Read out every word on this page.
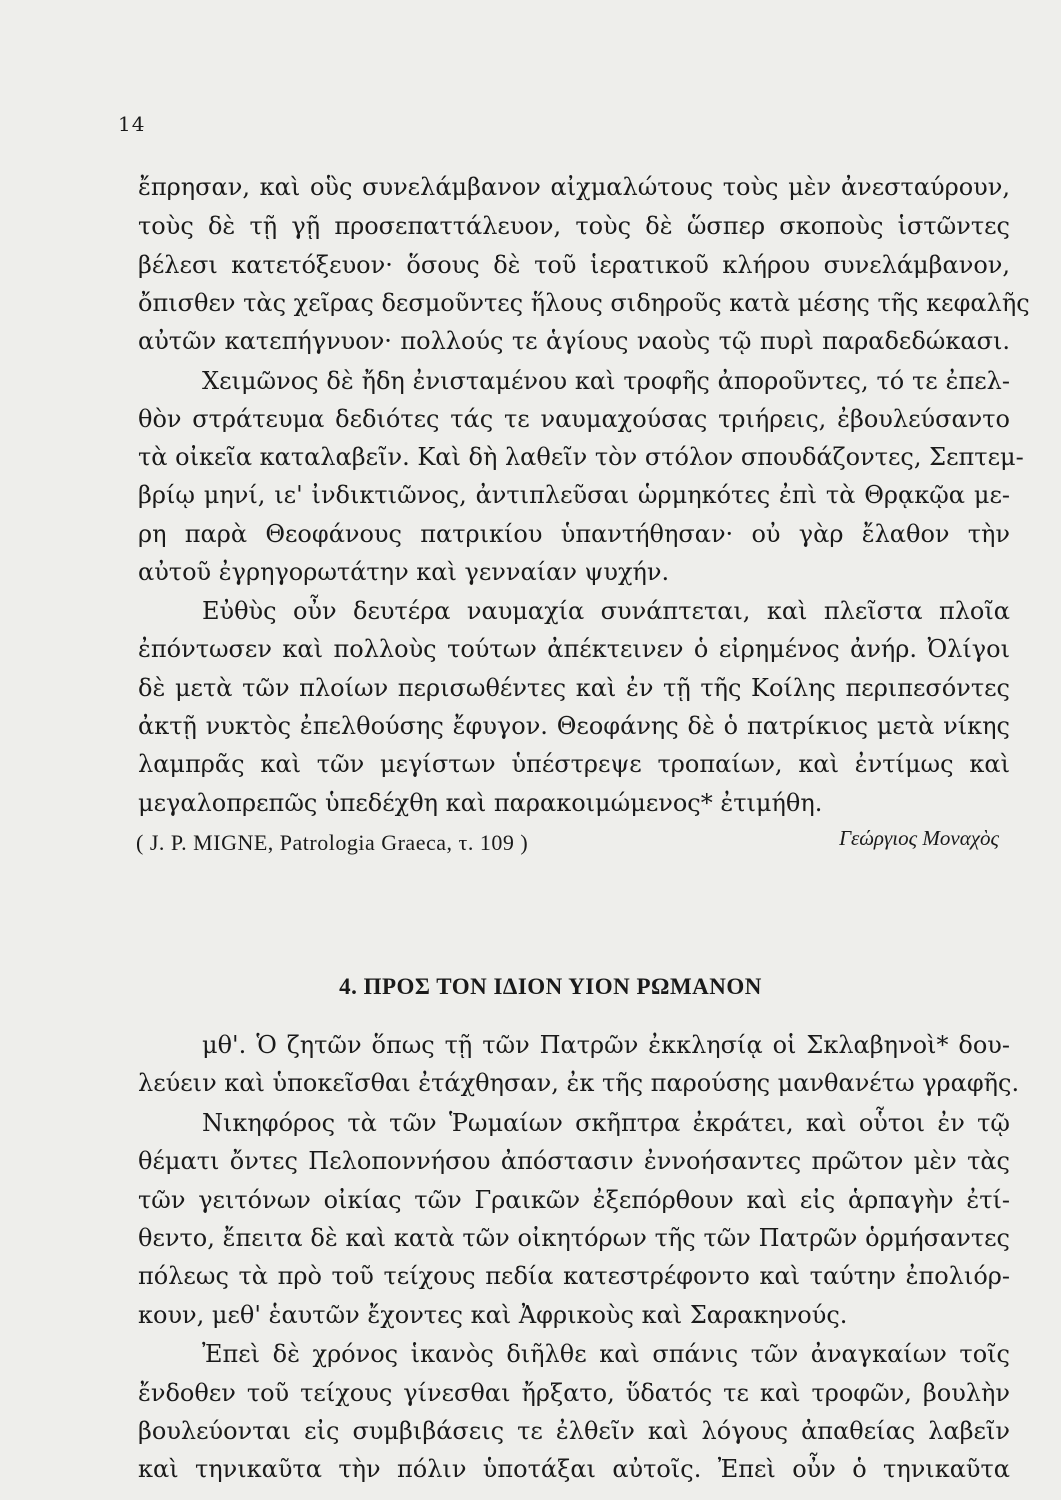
14
ἔπρησαν, καὶ οὓς συνελάμβανον αἰχμαλώτους τοὺς μὲν ἀνεσταύρουν,
τοὺς δὲ τῇ γῇ προσεπαττάλευον, τοὺς δὲ ὥσπερ σκοποὺς ἱστῶντες
βέλεσι κατετόξευον· ὅσους δὲ τοῦ ἱερατικοῦ κλήρου συνελάμβανον,
ὄπισθεν τὰς χεῖρας δεσμοῦντες ἥλους σιδηροῦς κατὰ μέσης τῆς κεφαλῆς
αὐτῶν κατεπήγνυον· πολλούς τε ἁγίους ναοὺς τῷ πυρὶ παραδεδώκασι.
Χειμῶνος δὲ ἤδη ἐνισταμένου καὶ τροφῆς ἀποροῦντες, τό τε ἐπελ-
θὸν στράτευμα δεδιότες τάς τε ναυμαχούσας τριήρεις, ἐβουλεύσαντο
τὰ οἰκεῖα καταλαβεῖν. Καὶ δὴ λαθεῖν τὸν στόλον σπουδάζοντες, Σεπτεμ-
βρίῳ μηνί, ιε' ἰνδικτιῶνος, ἀντιπλεῦσαι ὡρμηκότες ἐπὶ τὰ Θρᾳκῷα με-
ρη παρὰ Θεοφάνους πατρικίου ὑπαντήθησαν· οὐ γὰρ ἔλαθον τὴν
αὐτοῦ ἐγρηγορωτάτην καὶ γενναίαν ψυχήν.
Εὐθὺς οὖν δευτέρα ναυμαχία συνάπτεται, καὶ πλεῖστα πλοῖα
ἐπόντωσεν καὶ πολλοὺς τούτων ἀπέκτεινεν ὁ εἰρημένος ἀνήρ. Ὀλίγοι
δὲ μετὰ τῶν πλοίων περισωθέντες καὶ ἐν τῇ τῆς Κοίλης περιπεσόντες
ἀκτῇ νυκτὸς ἐπελθούσης ἔφυγον. Θεοφάνης δὲ ὁ πατρίκιος μετὰ νίκης
λαμπρᾶς καὶ τῶν μεγίστων ὑπέστρεψε τροπαίων, καὶ ἐντίμως καὶ
μεγαλοπρεπῶς ὑπεδέχθη καὶ παρακοιμώμενος* ἐτιμήθη.
( J. P. MIGNE, Patrologia Graeca, τ. 109 )	Γεώργιος Μοναχὸς
4. ΠΡΟΣ ΤΟΝ ΙΔΙΟΝ ΥΙΟΝ ΡΩΜΑΝΟΝ
μθ'. Ὁ ζητῶν ὅπως τῇ τῶν Πατρῶν ἐκκλησίᾳ οἱ Σκλαβηνοὶ* δου-
λεύειν καὶ ὑποκεῖσθαι ἐτάχθησαν, ἐκ τῆς παρούσης μανθανέτω γραφῆς.
Νικηφόρος τὰ τῶν Ῥωμαίων σκῆπτρα ἐκράτει, καὶ οὗτοι ἐν τῷ
θέματι ὄντες Πελοποννήσου ἀπόστασιν ἐννοήσαντες πρῶτον μὲν τὰς
τῶν γειτόνων οἰκίας τῶν Γραικῶν ἐξεπόρθουν καὶ εἰς ἁρπαγὴν ἐτί-
θεντο, ἔπειτα δὲ καὶ κατὰ τῶν οἰκητόρων τῆς τῶν Πατρῶν ὁρμήσαντες
πόλεως τὰ πρὸ τοῦ τείχους πεδία κατεστρέφοντο καὶ ταύτην ἐπολιόρ-
κουν, μεθ' ἑαυτῶν ἔχοντες καὶ Ἀφρικοὺς καὶ Σαρακηνούς.
Ἐπεὶ δὲ χρόνος ἱκανὸς διῆλθε καὶ σπάνις τῶν ἀναγκαίων τοῖς
ἔνδοθεν τοῦ τείχους γίνεσθαι ἤρξατο, ὕδατός τε καὶ τροφῶν, βουλὴν
βουλεύονται εἰς συμβιβάσεις τε ἐλθεῖν καὶ λόγους ἀπαθείας λαβεῖν
καὶ τηνικαῦτα τὴν πόλιν ὑποτάξαι αὐτοῖς. Ἐπεὶ οὖν ὁ τηνικαῦτα
